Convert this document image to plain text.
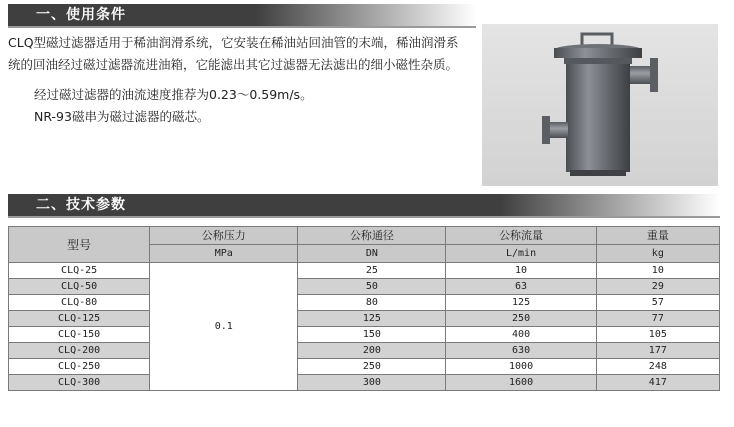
一、使用条件

CLQ型磁过滤器适用于稀油润滑系统，它安装在稀油站回油管的末端，稀油润滑系统的回油经过磁过滤器流进油箱，它能滤出其它过滤器无法滤出的细小磁性杂质。

经过磁过滤器的油流速度推荐为0.23～0.59m/s。

NR-93磁串为磁过滤器的磁芯。

二、技术参数
型号	公称压力	公称通径	公称流量	重量
	MPa	DN	L/min	kg
CLQ-25	0.1	25	10	10
CLQ-50		50	63	29
CLQ-80		80	125	57
CLQ-125		125	250	77
CLQ-150		150	400	105
CLQ-200		200	630	177
CLQ-250		250	1000	248
CLQ-300		300	1600	417
